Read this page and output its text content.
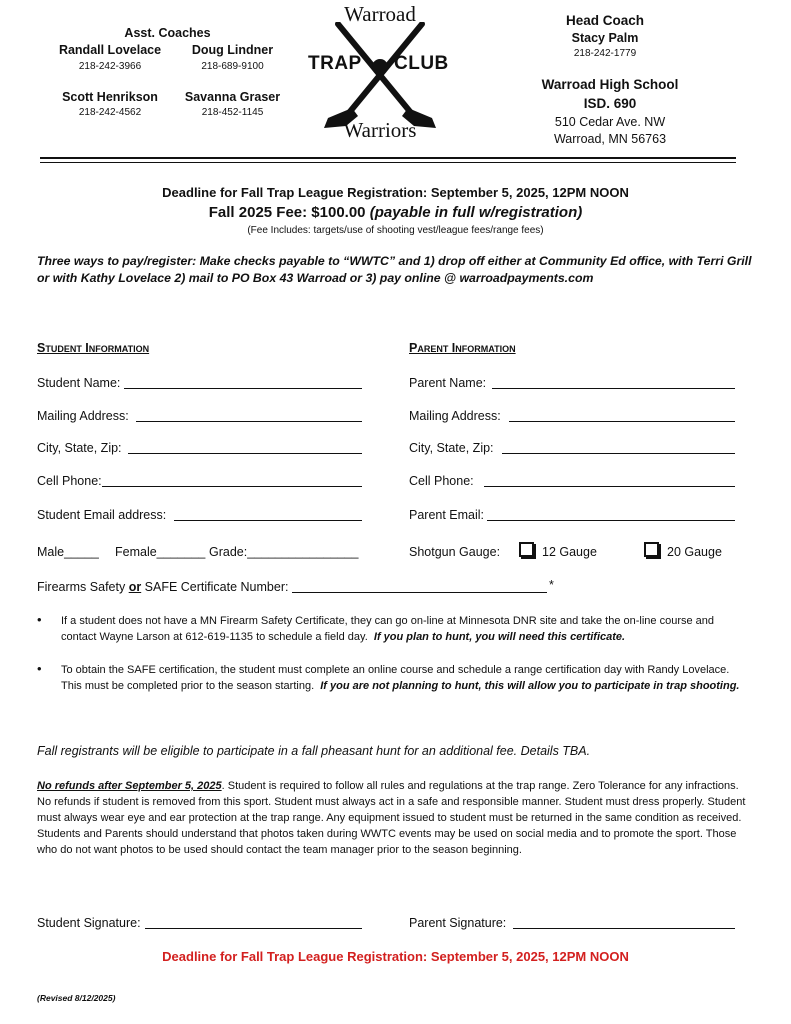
Asst. Coaches
Randall Lovelace
218-242-3966
Doug Lindner
218-689-9100
Scott Henrikson
218-242-4562
Savanna Graser
218-452-1145
Warroad
TRAP CLUB
Warriors
Head Coach
Stacy Palm
218-242-1779
Warroad High School
ISD. 690
510 Cedar Ave. NW
Warroad, MN 56763
Deadline for Fall Trap League Registration: September 5, 2025, 12PM NOON
Fall 2025 Fee: $100.00 (payable in full w/registration)
(Fee Includes: targets/use of shooting vest/league fees/range fees)
Three ways to pay/register: Make checks payable to “WWTC” and 1) drop off either at Community Ed office, with Terri Grill or with Kathy Lovelace 2) mail to PO Box 43 Warroad or 3) pay online @ warroadpayments.com
Student Information	Parent Information
Student Name:	Parent Name:
Mailing Address:	Mailing Address:
City, State, Zip:	City, State, Zip:
Cell Phone:	Cell Phone:
Student Email address:	Parent Email:
Male_____ Female_______ Grade:________________	Shotgun Gauge:	12 Gauge	20 Gauge
Firearms Safety or SAFE Certificate Number:	*
• If a student does not have a MN Firearm Safety Certificate, they can go on-line at Minnesota DNR site and take the on-line course and contact Wayne Larson at 612-619-1135 to schedule a field day. If you plan to hunt, you will need this certificate.
• To obtain the SAFE certification, the student must complete an online course and schedule a range certification day with Randy Lovelace. This must be completed prior to the season starting. If you are not planning to hunt, this will allow you to participate in trap shooting.
Fall registrants will be eligible to participate in a fall pheasant hunt for an additional fee. Details TBA.
No refunds after September 5, 2025. Student is required to follow all rules and regulations at the trap range. Zero Tolerance for any infractions. No refunds if student is removed from this sport. Student must always act in a safe and responsible manner. Student must dress properly. Student must always wear eye and ear protection at the trap range. Any equipment issued to student must be returned in the same condition as received. Students and Parents should understand that photos taken during WWTC events may be used on social media and to promote the sport. Those who do not want photos to be used should contact the team manager prior to the season beginning.
Student Signature:	Parent Signature:
Deadline for Fall Trap League Registration: September 5, 2025, 12PM NOON
(Revised 8/12/2025)
